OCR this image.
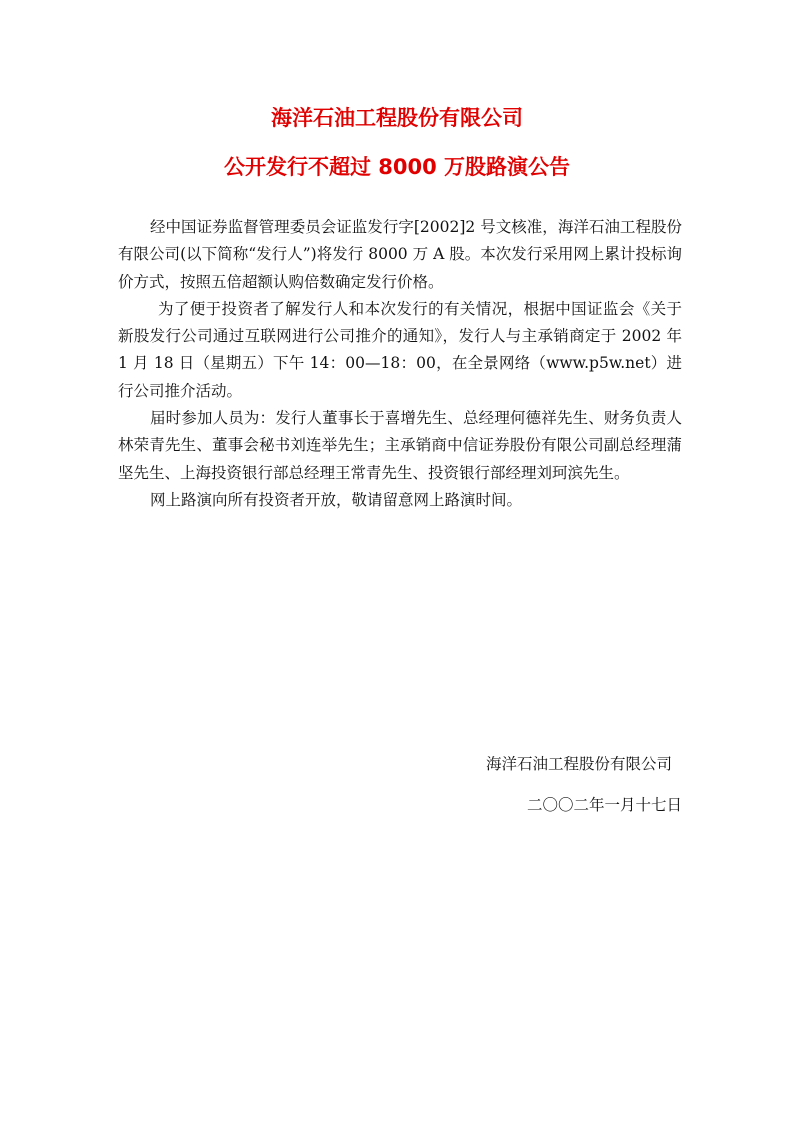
海洋石油工程股份有限公司
公开发行不超过 8000 万股路演公告

经中国证券监督管理委员会证监发行字[2002]2 号文核准，海洋石油工程股份有限公司(以下简称“发行人”)将发行 8000 万 A 股。本次发行采用网上累计投标询价方式，按照五倍超额认购倍数确定发行价格。

为了便于投资者了解发行人和本次发行的有关情况，根据中国证监会《关于新股发行公司通过互联网进行公司推介的通知》，发行人与主承销商定于 2002 年 1 月 18 日（星期五）下午 14：00—18：00，在全景网络（www.p5w.net）进行公司推介活动。

届时参加人员为：发行人董事长于喜增先生、总经理何德祥先生、财务负责人林荣青先生、董事会秘书刘连举先生；主承销商中信证券股份有限公司副总经理蒲坚先生、上海投资银行部总经理王常青先生、投资银行部经理刘珂滨先生。

网上路演向所有投资者开放，敬请留意网上路演时间。

海洋石油工程股份有限公司
二〇〇二年一月十七日
